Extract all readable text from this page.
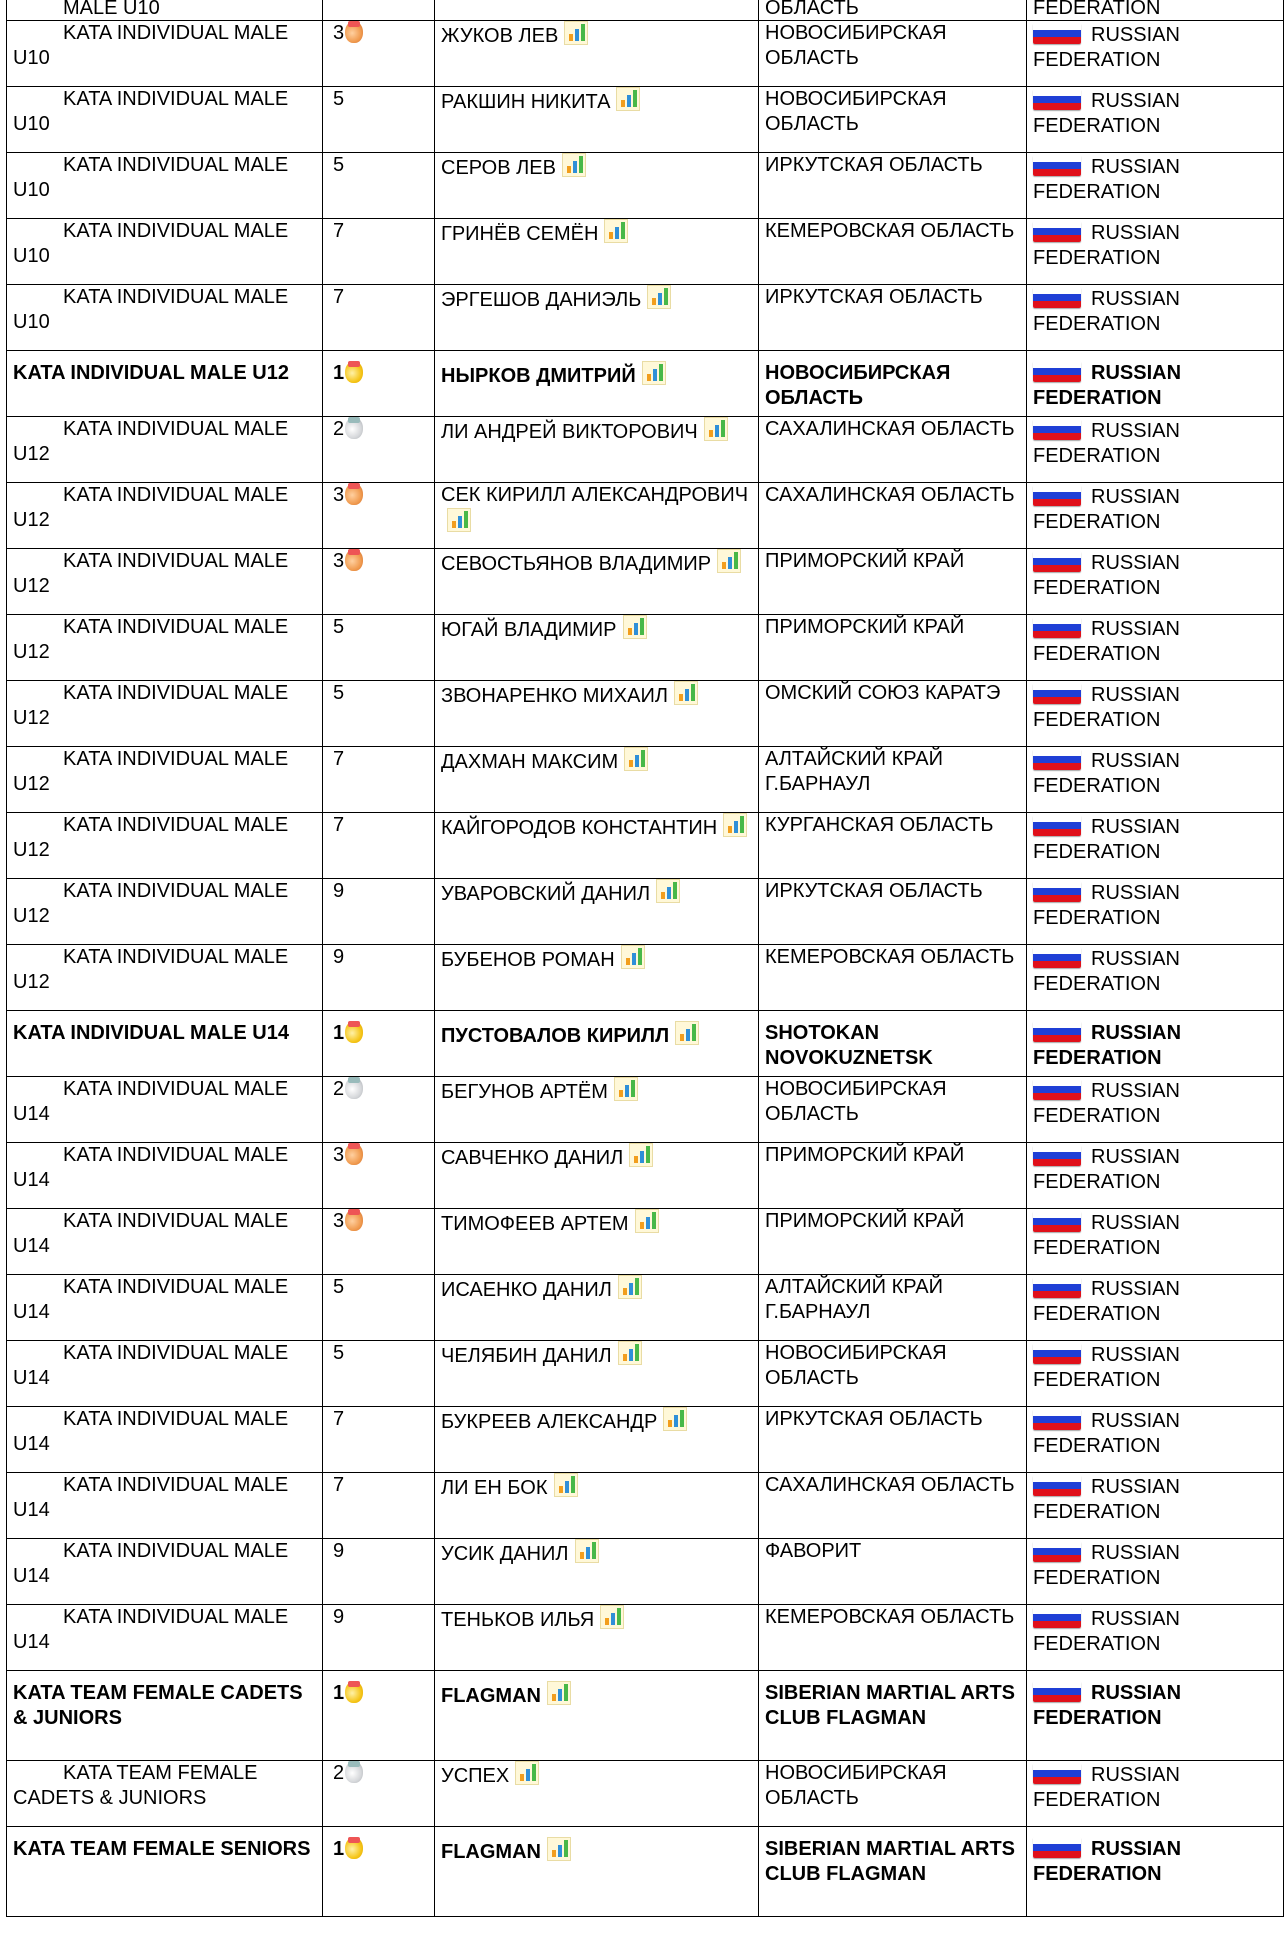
MALE U10			ОБЛАСТЬ	FEDERATION
KATA INDIVIDUAL MALE U10	3	ЖУКОВ ЛЕВ	НОВОСИБИРСКАЯ ОБЛАСТЬ	RUSSIAN FEDERATION
KATA INDIVIDUAL MALE U10	5	РАКШИН НИКИТА	НОВОСИБИРСКАЯ ОБЛАСТЬ	RUSSIAN FEDERATION
KATA INDIVIDUAL MALE U10	5	СЕРОВ ЛЕВ	ИРКУТСКАЯ ОБЛАСТЬ	RUSSIAN FEDERATION
KATA INDIVIDUAL MALE U10	7	ГРИНЁВ СЕМЁН	КЕМЕРОВСКАЯ ОБЛАСТЬ	RUSSIAN FEDERATION
KATA INDIVIDUAL MALE U10	7	ЭРГЕШОВ ДАНИЭЛЬ	ИРКУТСКАЯ ОБЛАСТЬ	RUSSIAN FEDERATION
KATA INDIVIDUAL MALE U12	1	НЫРКОВ ДМИТРИЙ	НОВОСИБИРСКАЯ ОБЛАСТЬ	RUSSIAN FEDERATION
KATA INDIVIDUAL MALE U12	2	ЛИ АНДРЕЙ ВИКТОРОВИЧ	САХАЛИНСКАЯ ОБЛАСТЬ	RUSSIAN FEDERATION
KATA INDIVIDUAL MALE U12	3	СЕК КИРИЛЛ АЛЕКСАНДРОВИЧ	САХАЛИНСКАЯ ОБЛАСТЬ	RUSSIAN FEDERATION
KATA INDIVIDUAL MALE U12	3	СЕВОСТЬЯНОВ ВЛАДИМИР	ПРИМОРСКИЙ КРАЙ	RUSSIAN FEDERATION
KATA INDIVIDUAL MALE U12	5	ЮГАЙ ВЛАДИМИР	ПРИМОРСКИЙ КРАЙ	RUSSIAN FEDERATION
KATA INDIVIDUAL MALE U12	5	ЗВОНАРЕНКО МИХАИЛ	ОМСКИЙ СОЮЗ КАРАТЭ	RUSSIAN FEDERATION
KATA INDIVIDUAL MALE U12	7	ДАХМАН МАКСИМ	АЛТАЙСКИЙ КРАЙ Г.БАРНАУЛ	RUSSIAN FEDERATION
KATA INDIVIDUAL MALE U12	7	КАЙГОРОДОВ КОНСТАНТИН	КУРГАНСКАЯ ОБЛАСТЬ	RUSSIAN FEDERATION
KATA INDIVIDUAL MALE U12	9	УВАРОВСКИЙ ДАНИЛ	ИРКУТСКАЯ ОБЛАСТЬ	RUSSIAN FEDERATION
KATA INDIVIDUAL MALE U12	9	БУБЕНОВ РОМАН	КЕМЕРОВСКАЯ ОБЛАСТЬ	RUSSIAN FEDERATION
KATA INDIVIDUAL MALE U14	1	ПУСТОВАЛОВ КИРИЛЛ	SHOTOKAN NOVOKUZNETSK	RUSSIAN FEDERATION
KATA INDIVIDUAL MALE U14	2	БЕГУНОВ АРТЁМ	НОВОСИБИРСКАЯ ОБЛАСТЬ	RUSSIAN FEDERATION
KATA INDIVIDUAL MALE U14	3	САВЧЕНКО ДАНИЛ	ПРИМОРСКИЙ КРАЙ	RUSSIAN FEDERATION
KATA INDIVIDUAL MALE U14	3	ТИМОФЕЕВ АРТЕМ	ПРИМОРСКИЙ КРАЙ	RUSSIAN FEDERATION
KATA INDIVIDUAL MALE U14	5	ИСАЕНКО ДАНИЛ	АЛТАЙСКИЙ КРАЙ Г.БАРНАУЛ	RUSSIAN FEDERATION
KATA INDIVIDUAL MALE U14	5	ЧЕЛЯБИН ДАНИЛ	НОВОСИБИРСКАЯ ОБЛАСТЬ	RUSSIAN FEDERATION
KATA INDIVIDUAL MALE U14	7	БУКРЕЕВ АЛЕКСАНДР	ИРКУТСКАЯ ОБЛАСТЬ	RUSSIAN FEDERATION
KATA INDIVIDUAL MALE U14	7	ЛИ ЕН БОК	САХАЛИНСКАЯ ОБЛАСТЬ	RUSSIAN FEDERATION
KATA INDIVIDUAL MALE U14	9	УСИК ДАНИЛ	ФАВОРИТ	RUSSIAN FEDERATION
KATA INDIVIDUAL MALE U14	9	ТЕНЬКОВ ИЛЬЯ	КЕМЕРОВСКАЯ ОБЛАСТЬ	RUSSIAN FEDERATION
KATA TEAM FEMALE CADETS & JUNIORS	1	FLAGMAN	SIBERIAN MARTIAL ARTS CLUB FLAGMAN	RUSSIAN FEDERATION
KATA TEAM FEMALE CADETS & JUNIORS	2	УСПЕХ	НОВОСИБИРСКАЯ ОБЛАСТЬ	RUSSIAN FEDERATION
KATA TEAM FEMALE SENIORS	1	FLAGMAN	SIBERIAN MARTIAL ARTS CLUB FLAGMAN	RUSSIAN FEDERATION
